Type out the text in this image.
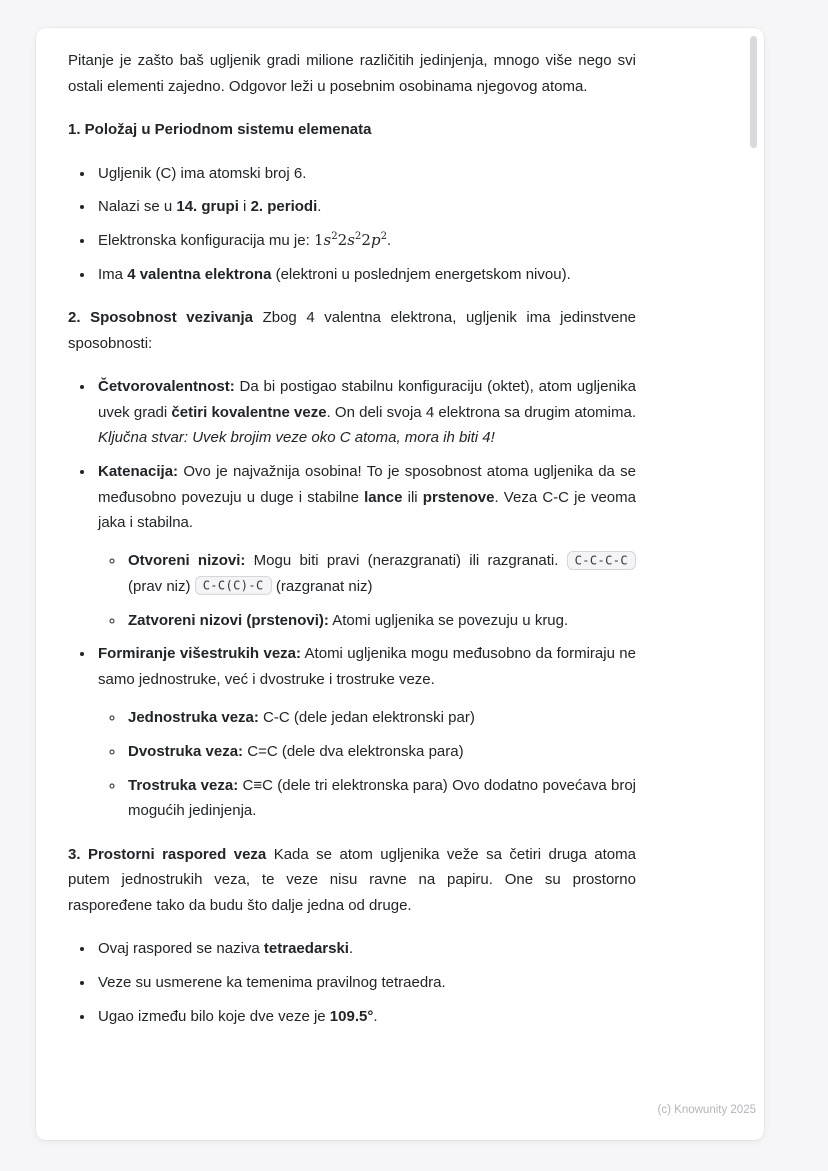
Pitanje je zašto baš ugljenik gradi milione različitih jedinjenja, mnogo više nego svi ostali elementi zajedno. Odgovor leži u posebnim osobinama njegovog atoma.

1. Položaj u Periodnom sistemu elemenata

• Ugljenik (C) ima atomski broj 6.
• Nalazi se u 14. grupi i 2. periodi.
• Elektronska konfiguracija mu je: $1s^22s^22p^2$.
• Ima 4 valentna elektrona (elektroni u poslednjem energetskom nivou).

2. Sposobnost vezivanja Zbog 4 valentna elektrona, ugljenik ima jedinstvene sposobnosti:

• Četvorovalentnost: Da bi postigao stabilnu konfiguraciju (oktet), atom ugljenika uvek gradi četiri kovalentne veze. On deli svoja 4 elektrona sa drugim atomima. Ključna stvar: Uvek brojim veze oko C atoma, mora ih biti 4!
• Katenacija: Ovo je najvažnija osobina! To je sposobnost atoma ugljenika da se međusobno povezuju u duge i stabilne lance ili prstenove. Veza C-C je veoma jaka i stabilna.
◦ Otvoreni nizovi: Mogu biti pravi (nerazgranati) ili razgranati. C-C-C-C (prav niz) C-C(C)-C (razgranat niz)
◦ Zatvoreni nizovi (prstenovi): Atomi ugljenika se povezuju u krug.
• Formiranje višestrukih veza: Atomi ugljenika mogu međusobno da formiraju ne samo jednostruke, već i dvostruke i trostruke veze.
◦ Jednostruka veza: C-C (dele jedan elektronski par)
◦ Dvostruka veza: C=C (dele dva elektronska para)
◦ Trostruka veza: C≡C (dele tri elektronska para) Ovo dodatno povećava broj mogućih jedinjenja.

3. Prostorni raspored veza Kada se atom ugljenika veže sa četiri druga atoma putem jednostrukih veza, te veze nisu ravne na papiru. One su prostorno raspoređene tako da budu što dalje jedna od druge.

• Ovaj raspored se naziva tetraedarski.
• Veze su usmerene ka temenima pravilnog tetraedra.
• Ugao između bilo koje dve veze je 109.5°.
(c) Knowunity 2025
